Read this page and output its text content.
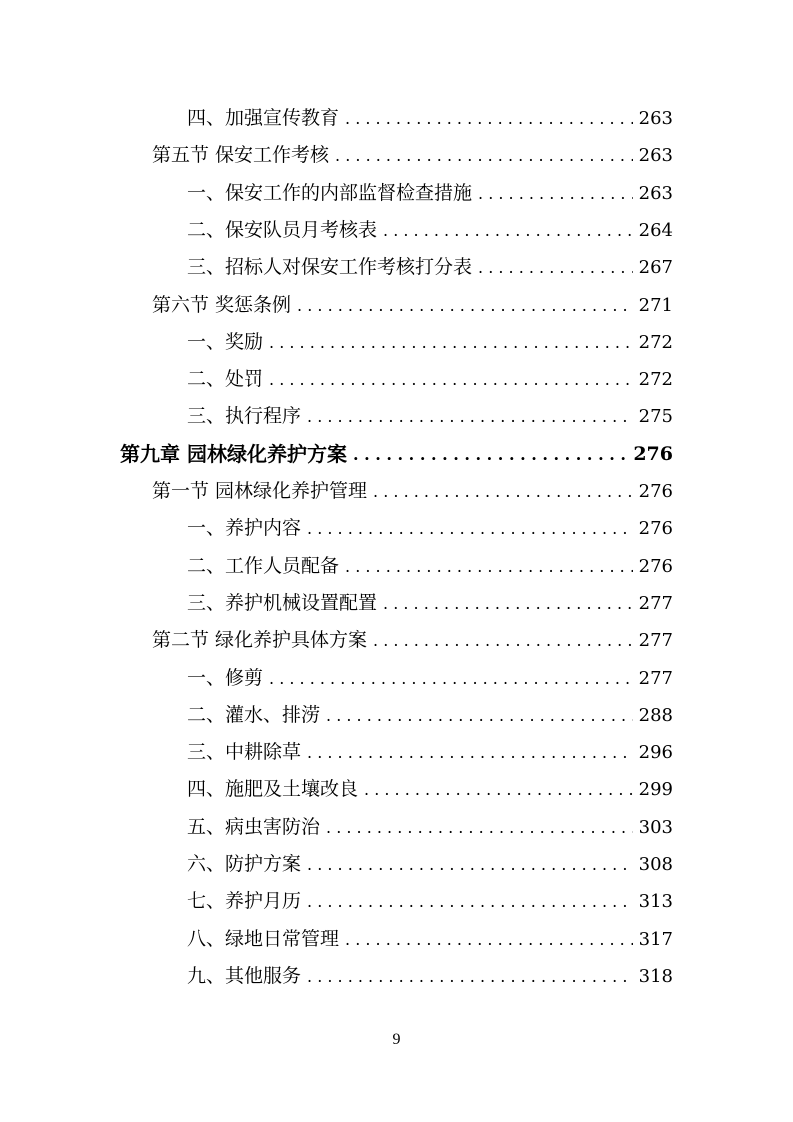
四、加强宣传教育 . . .	263
第五节 保安工作考核 . . .	263
一、保安工作的内部监督检查措施 . . .	263
二、保安队员月考核表 . . .	264
三、招标人对保安工作考核打分表 . . .	267
第六节 奖惩条例 . . .	271
一、奖励 . . .	272
二、处罚 . . .	272
三、执行程序 . . .	275
第九章 园林绿化养护方案 . . .	276
第一节 园林绿化养护管理 . . .	276
一、养护内容 . . .	276
二、工作人员配备 . . .	276
三、养护机械设置配置 . . .	277
第二节 绿化养护具体方案 . . .	277
一、修剪 . . .	277
二、灌水、排涝 . . .	288
三、中耕除草 . . .	296
四、施肥及土壤改良 . . .	299
五、病虫害防治 . . .	303
六、防护方案 . . .	308
七、养护月历 . . .	313
八、绿地日常管理 . . .	317
九、其他服务 . . .	318
9
